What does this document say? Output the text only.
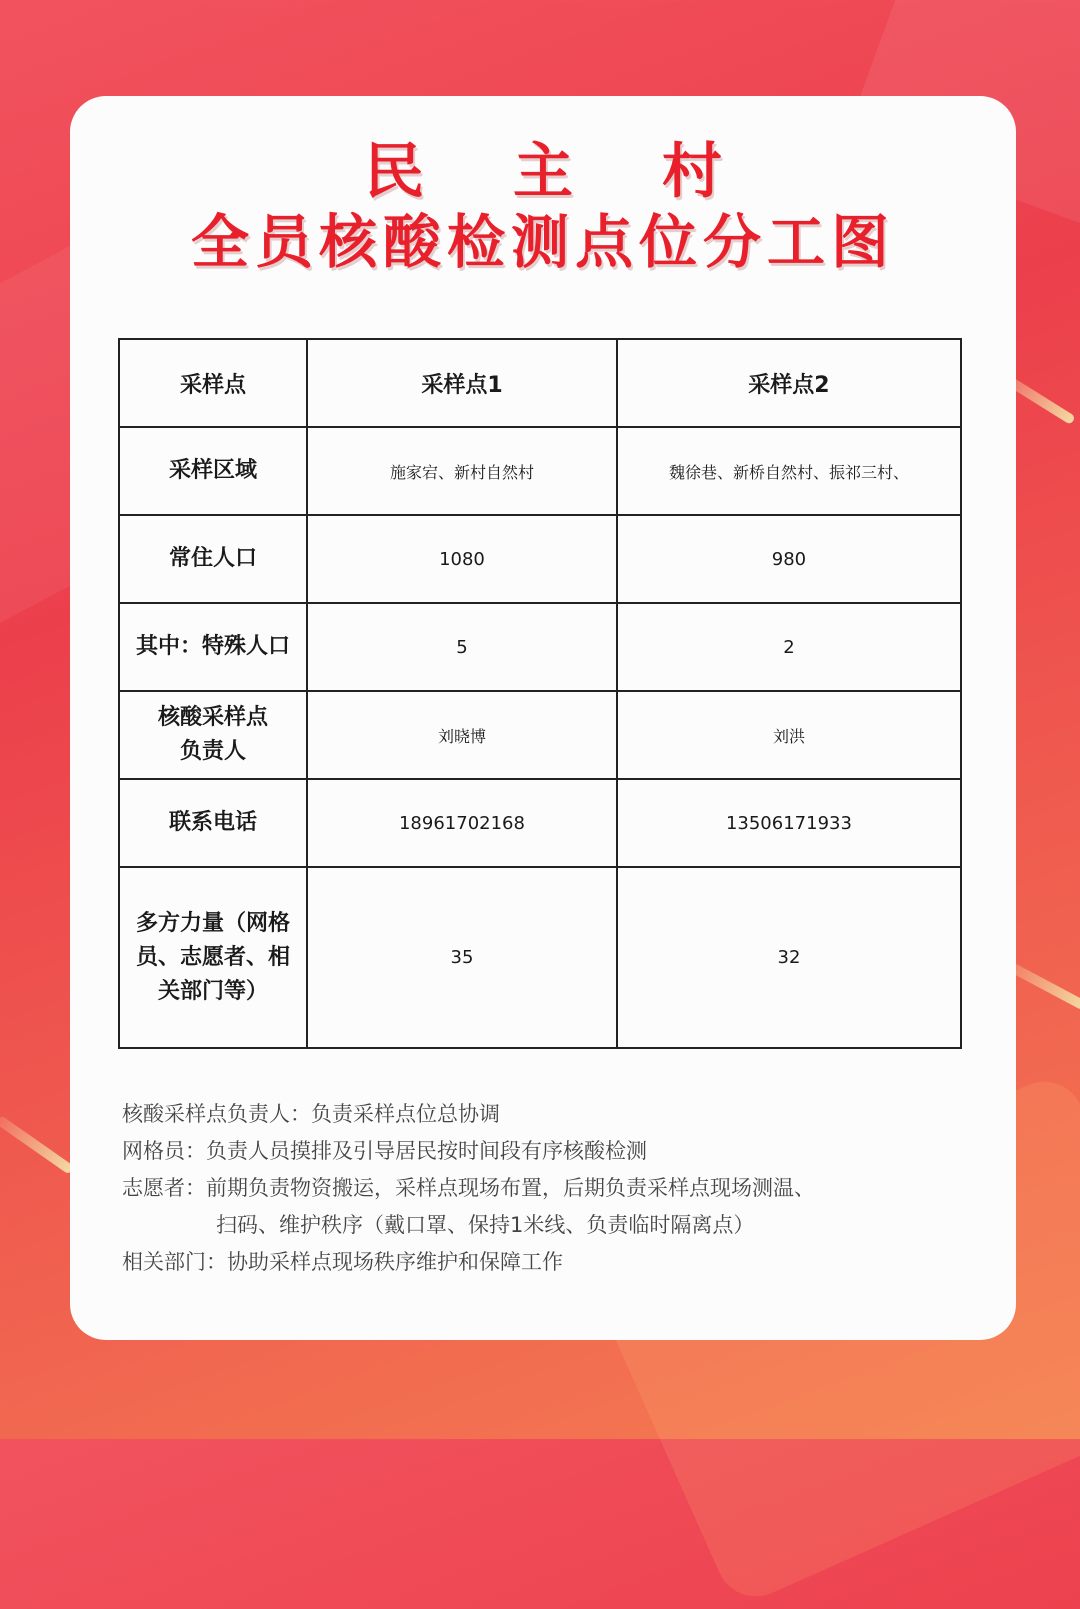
民 主 村
全员核酸检测点位分工图
采样点	采样点1	采样点2
采样区域	施家宕、新村自然村	魏徐巷、新桥自然村、振祁三村、
常住人口	1080	980
其中：特殊人口	5	2

核酸采样点
负责人	刘晓博	刘洪
联系电话	18961702168	13506171933

多方力量（网格
员、志愿者、相
关部门等）	35	32
核酸采样点负责人：负责采样点位总协调
网格员：负责人员摸排及引导居民按时间段有序核酸检测
志愿者：前期负责物资搬运，采样点现场布置，后期负责采样点现场测温、
扫码、维护秩序（戴口罩、保持1米线、负责临时隔离点）
相关部门：协助采样点现场秩序维护和保障工作
